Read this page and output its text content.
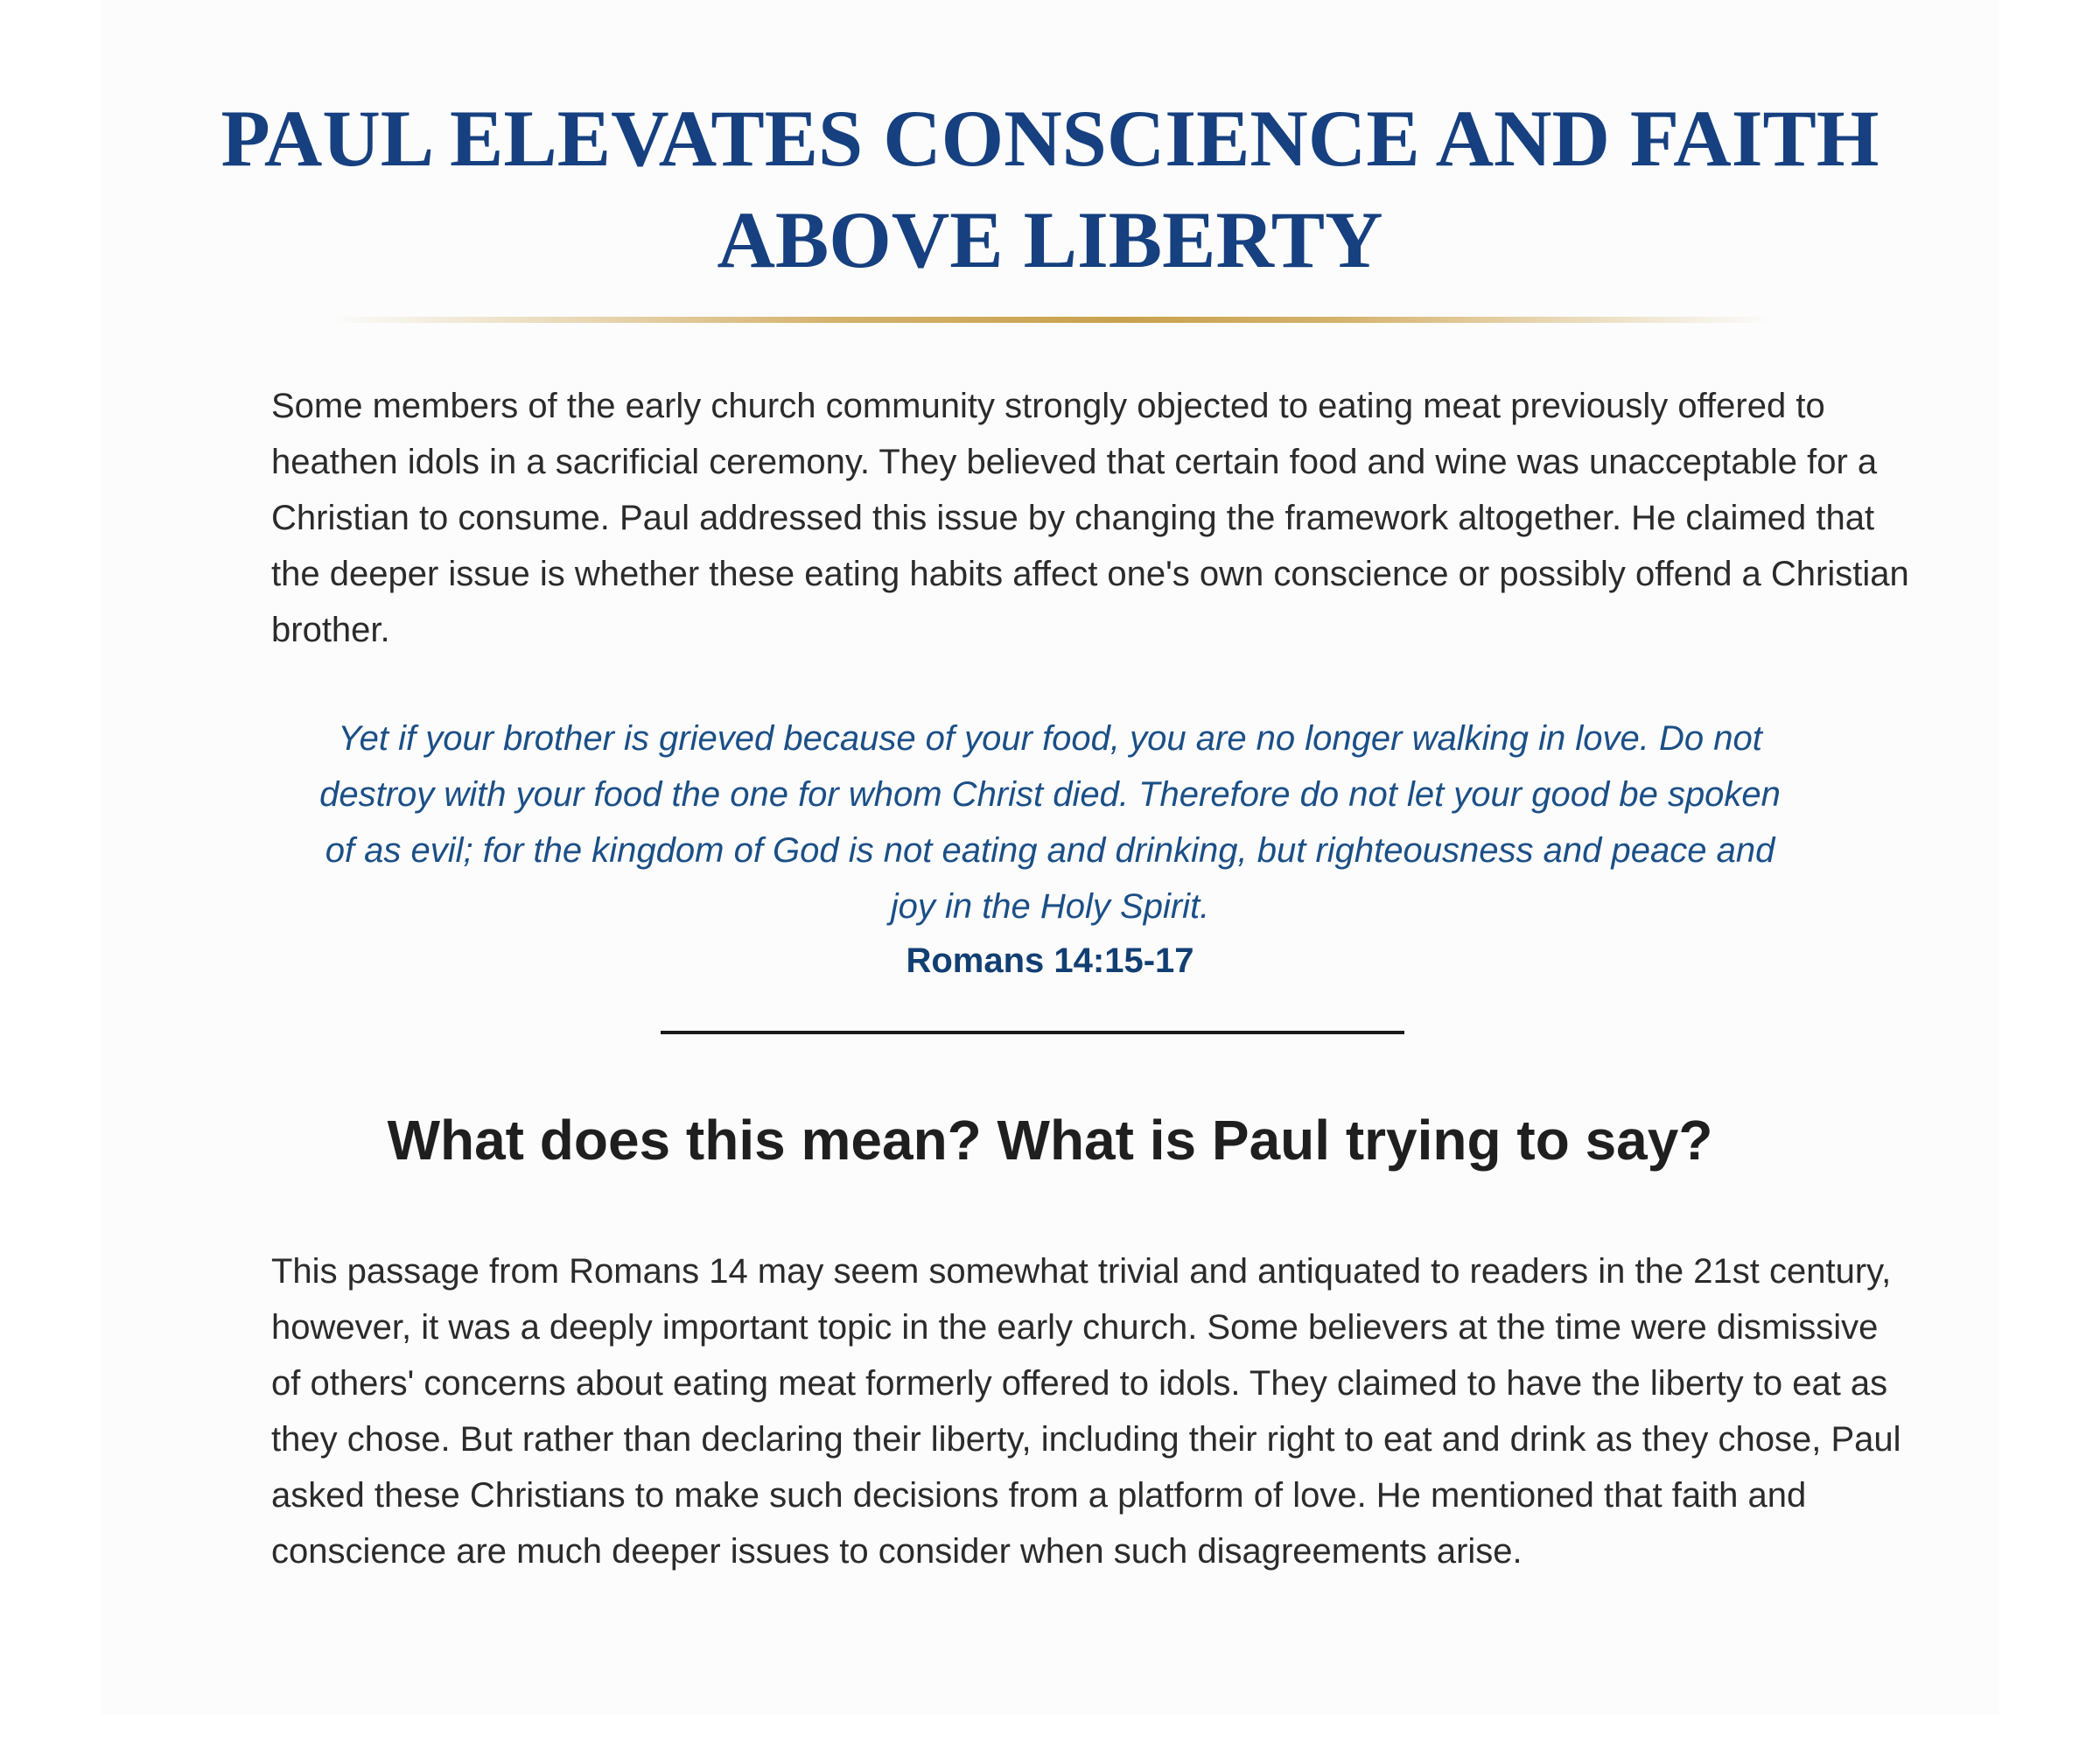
PAUL ELEVATES CONSCIENCE AND FAITH ABOVE LIBERTY

Some members of the early church community strongly objected to eating meat previously offered to heathen idols in a sacrificial ceremony. They believed that certain food and wine was unacceptable for a Christian to consume. Paul addressed this issue by changing the framework altogether. He claimed that the deeper issue is whether these eating habits affect one's own conscience or possibly offend a Christian brother.

Yet if your brother is grieved because of your food, you are no longer walking in love. Do not destroy with your food the one for whom Christ died. Therefore do not let your good be spoken of as evil; for the kingdom of God is not eating and drinking, but righteousness and peace and joy in the Holy Spirit.

Romans 14:15-17

What does this mean? What is Paul trying to say?

This passage from Romans 14 may seem somewhat trivial and antiquated to readers in the 21st century, however, it was a deeply important topic in the early church. Some believers at the time were dismissive of others' concerns about eating meat formerly offered to idols. They claimed to have the liberty to eat as they chose. But rather than declaring their liberty, including their right to eat and drink as they chose, Paul asked these Christians to make such decisions from a platform of love. He mentioned that faith and conscience are much deeper issues to consider when such disagreements arise.
